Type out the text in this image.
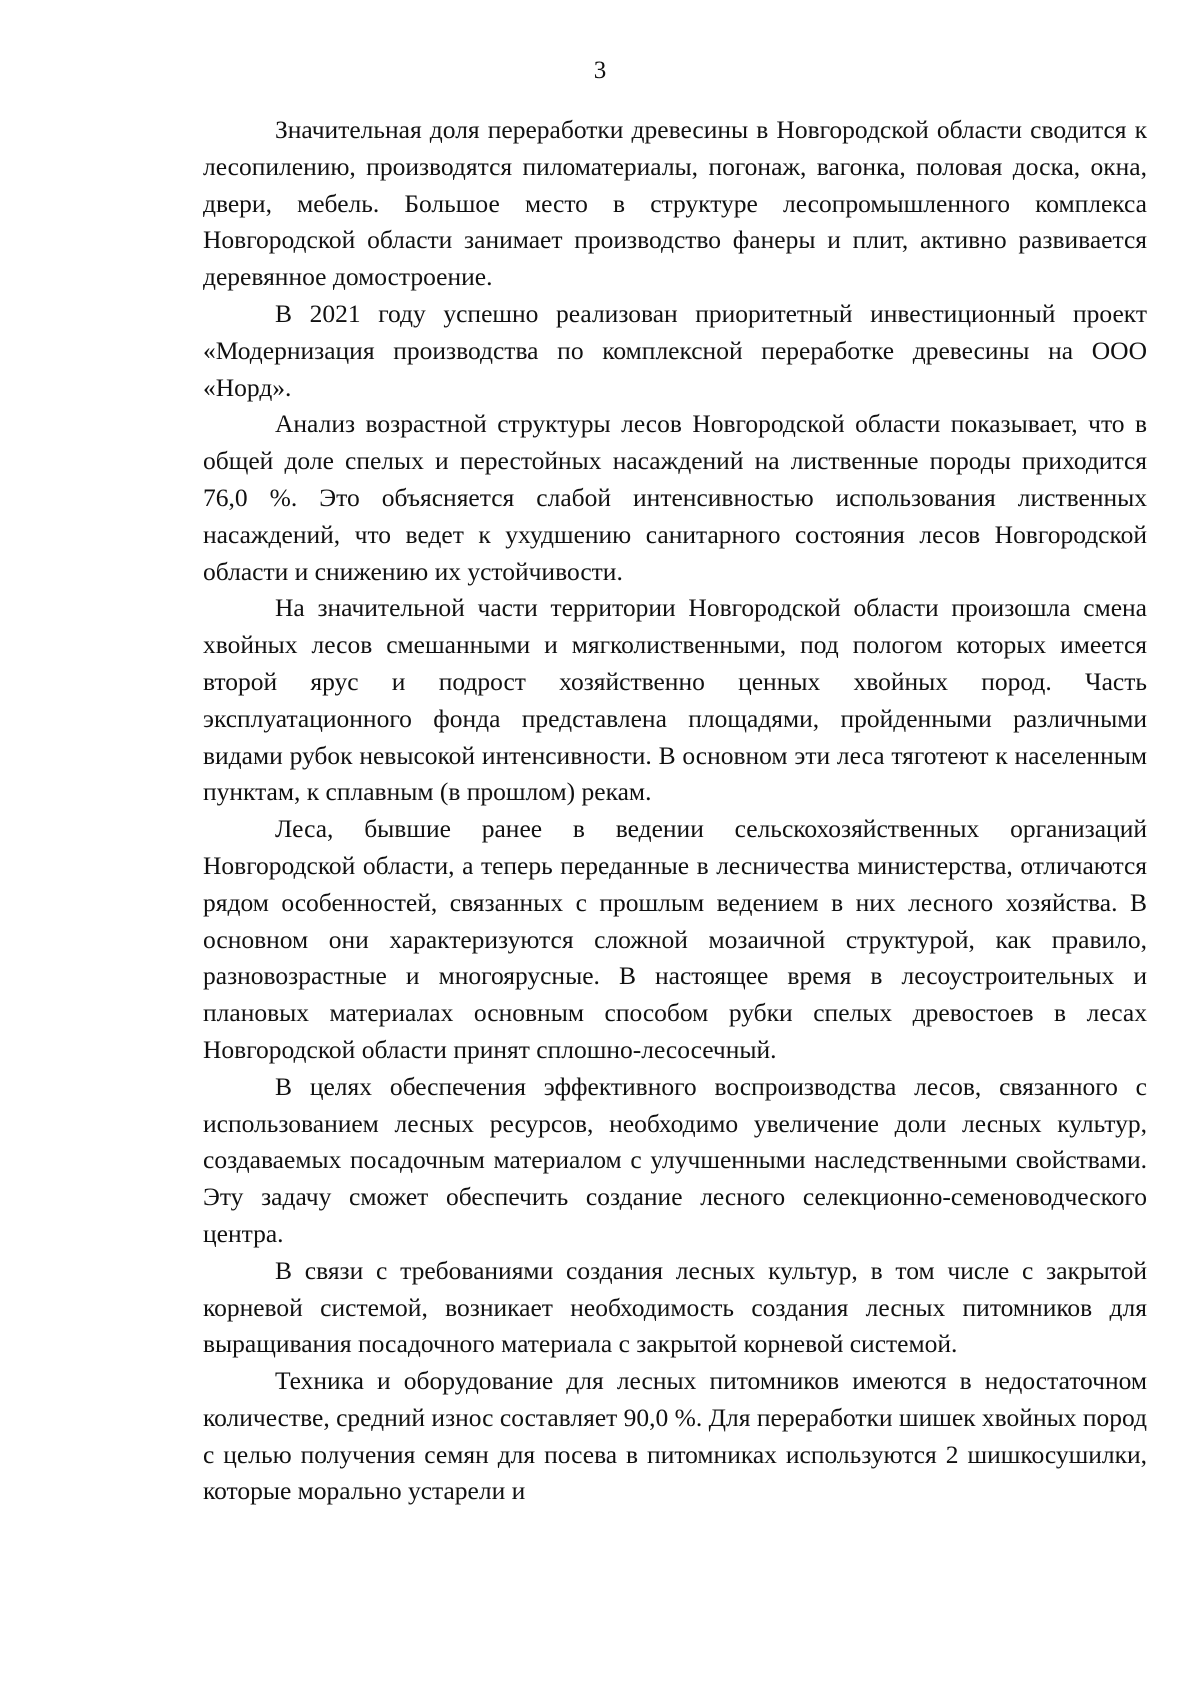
3

Значительная доля переработки древесины в Новгородской области сводится к лесопилению, производятся пиломатериалы, погонаж, вагонка, половая доска, окна, двери, мебель. Большое место в структуре лесопромышленного комплекса Новгородской области занимает производство фанеры и плит, активно развивается деревянное домостроение.

В 2021 году успешно реализован приоритетный инвестиционный проект «Модернизация производства по комплексной переработке древесины на ООО «Норд».

Анализ возрастной структуры лесов Новгородской области показывает, что в общей доле спелых и перестойных насаждений на лиственные породы приходится 76,0 %. Это объясняется слабой интенсивностью использования лиственных насаждений, что ведет к ухудшению санитарного состояния лесов Новгородской области и снижению их устойчивости.

На значительной части территории Новгородской области произошла смена хвойных лесов смешанными и мягколиственными, под пологом которых имеется второй ярус и подрост хозяйственно ценных хвойных пород. Часть эксплуатационного фонда представлена площадями, пройденными различными видами рубок невысокой интенсивности. В основном эти леса тяготеют к населенным пунктам, к сплавным (в прошлом) рекам.

Леса, бывшие ранее в ведении сельскохозяйственных организаций Новгородской области, а теперь переданные в лесничества министерства, отличаются рядом особенностей, связанных с прошлым ведением в них лесного хозяйства. В основном они характеризуются сложной мозаичной структурой, как правило, разновозрастные и многоярусные. В настоящее время в лесоустроительных и плановых материалах основным способом рубки спелых древостоев в лесах Новгородской области принят сплошно-лесосечный.

В целях обеспечения эффективного воспроизводства лесов, связанного с использованием лесных ресурсов, необходимо увеличение доли лесных культур, создаваемых посадочным материалом с улучшенными наследственными свойствами. Эту задачу сможет обеспечить создание лесного селекционно-семеноводческого центра.

В связи с требованиями создания лесных культур, в том числе с закрытой корневой системой, возникает необходимость создания лесных питомников для выращивания посадочного материала с закрытой корневой системой.

Техника и оборудование для лесных питомников имеются в недостаточном количестве, средний износ составляет 90,0 %. Для переработки шишек хвойных пород с целью получения семян для посева в питомниках используются 2 шишкосушилки, которые морально устарели и
